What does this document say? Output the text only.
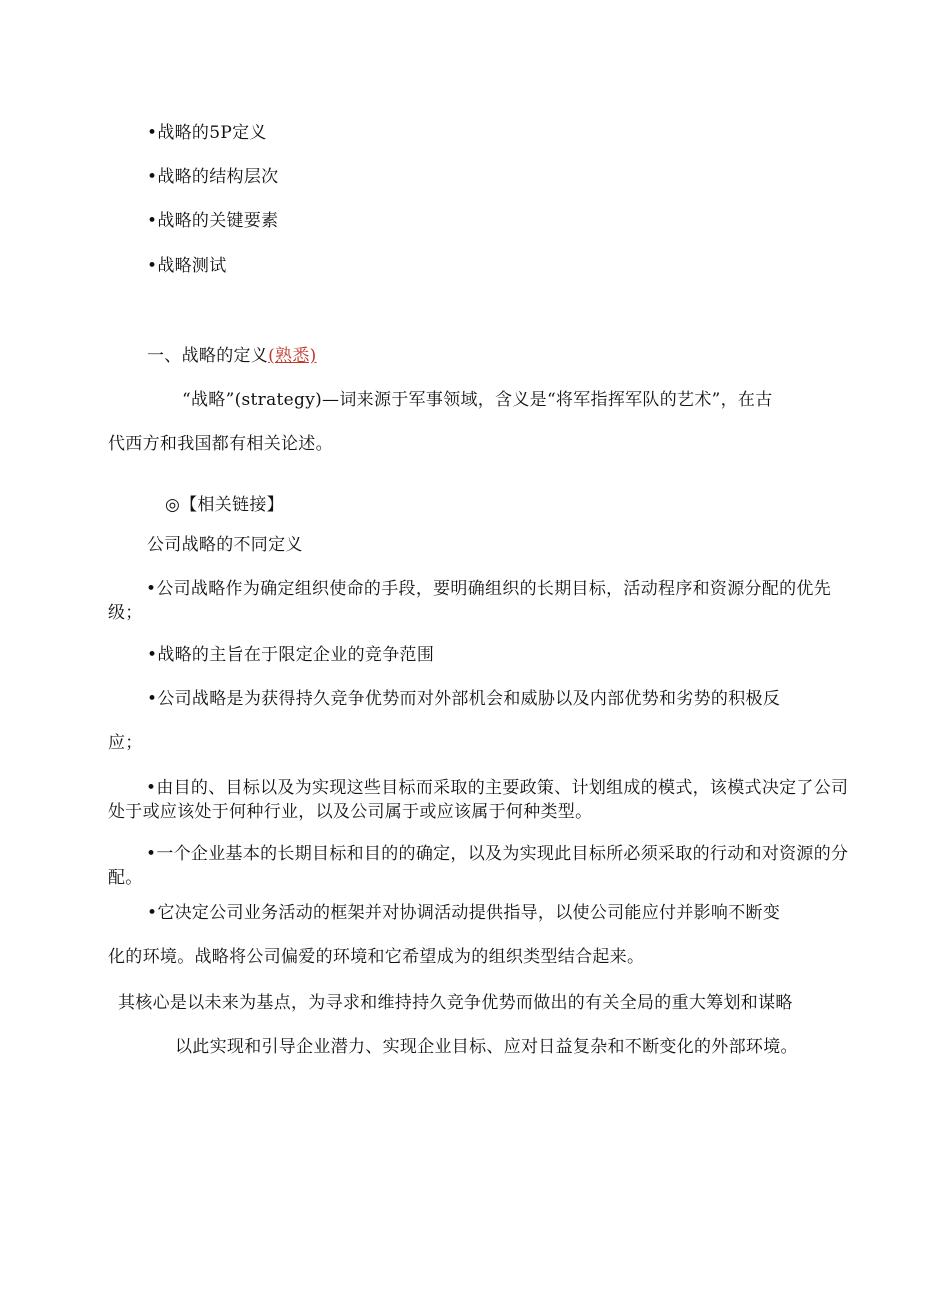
•战略的5P定义
•战略的结构层次
•战略的关键要素
•战略测试
一、战略的定义(熟悉)
“战略”(strategy)—词来源于军事领域，含义是“将军指挥军队的艺术”，在古
代西方和我国都有相关论述。
◎【相关链接】
公司战略的不同定义
•公司战略作为确定组织使命的手段，要明确组织的长期目标，活动程序和资源分配的优先级；
•战略的主旨在于限定企业的竞争范围
•公司战略是为获得持久竞争优势而对外部机会和威胁以及内部优势和劣势的积极反
应；
•由目的、目标以及为实现这些目标而采取的主要政策、计划组成的模式，该模式决定了公司处于或应该处于何种行业，以及公司属于或应该属于何种类型。
•一个企业基本的长期目标和目的的确定，以及为实现此目标所必须采取的行动和对资源的分配。
•它决定公司业务活动的框架并对协调活动提供指导，以使公司能应付并影响不断变
化的环境。战略将公司偏爱的环境和它希望成为的组织类型结合起来。
其核心是以未来为基点，为寻求和维持持久竞争优势而做出的有关全局的重大筹划和谋略
以此实现和引导企业潜力、实现企业目标、应对日益复杂和不断变化的外部环境。
